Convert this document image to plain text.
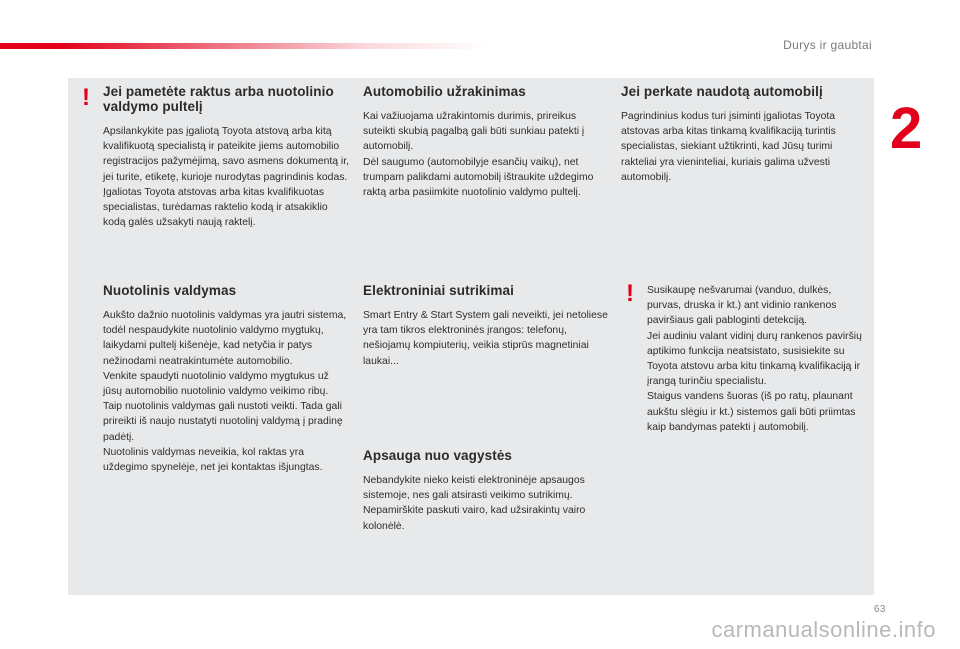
Durys ir gaubtai
2
! Jei pametėte raktus arba nuotolinio valdymo pultelį

Apsilankykite pas įgaliotą Toyota atstovą arba kitą kvalifikuotą specialistą ir pateikite jiems automobilio registracijos pažymėjimą, savo asmens dokumentą ir, jei turite, etiketę, kurioje nurodytas pagrindinis kodas.
Įgaliotas Toyota atstovas arba kitas kvalifikuotas specialistas, turėdamas raktelio kodą ir atsakiklio kodą galės užsakyti naują raktelį.

Nuotolinis valdymas

Aukšto dažnio nuotolinis valdymas yra jautri sistema, todėl nespaudykite nuotolinio valdymo mygtukų, laikydami pultelį kišenėje, kad netyčia ir patys nežinodami neatrakintumėte automobilio.
Venkite spaudyti nuotolinio valdymo mygtukus už jūsų automobilio nuotolinio valdymo veikimo ribų. Taip nuotolinis valdymas gali nustoti veikti. Tada gali prireikti iš naujo nustatyti nuotolinį valdymą į pradinę padėtį.
Nuotolinis valdymas neveikia, kol raktas yra uždegimo spynelėje, net jei kontaktas išjungtas.

Automobilio užrakinimas

Kai važiuojama užrakintomis durimis, prireikus suteikti skubią pagalbą gali būti sunkiau patekti į automobilį.
Dėl saugumo (automobilyje esančių vaikų), net trumpam palikdami automobilį ištraukite uždegimo raktą arba pasiimkite nuotolinio valdymo pultelį.

Elektroniniai sutrikimai

Smart Entry & Start System gali neveikti, jei netoliese yra tam tikros elektroninės įrangos: telefonų, nešiojamų kompiuterių, veikia stiprūs magnetiniai laukai...

Apsauga nuo vagystės

Nebandykite nieko keisti elektroninėje apsaugos sistemoje, nes gali atsirasti veikimo sutrikimų.
Nepamirškite paskuti vairo, kad užsirakintų vairo kolonėlė.

Jei perkate naudotą automobilį

Pagrindinius kodus turi įsiminti įgaliotas Toyota atstovas arba kitas tinkamą kvalifikaciją turintis specialistas, siekiant užtikrinti, kad Jūsų turimi rakteliai yra vieninteliai, kuriais galima užvesti automobilį.

! Susikaupę nešvarumai (vanduo, dulkės, purvas, druska ir kt.) ant vidinio rankenos paviršiaus gali pabloginti detekciją.
Jei audiniu valant vidinį durų rankenos paviršių aptikimo funkcija neatsistato, susisiekite su Toyota atstovu arba kitu tinkamą kvalifikaciją ir įrangą turinčiu specialistu.
Staigus vandens šuoras (iš po ratų, plaunant aukštu slėgiu ir kt.) sistemos gali būti priimtas kaip bandymas patekti į automobilį.

63
carmanualsonline.info
